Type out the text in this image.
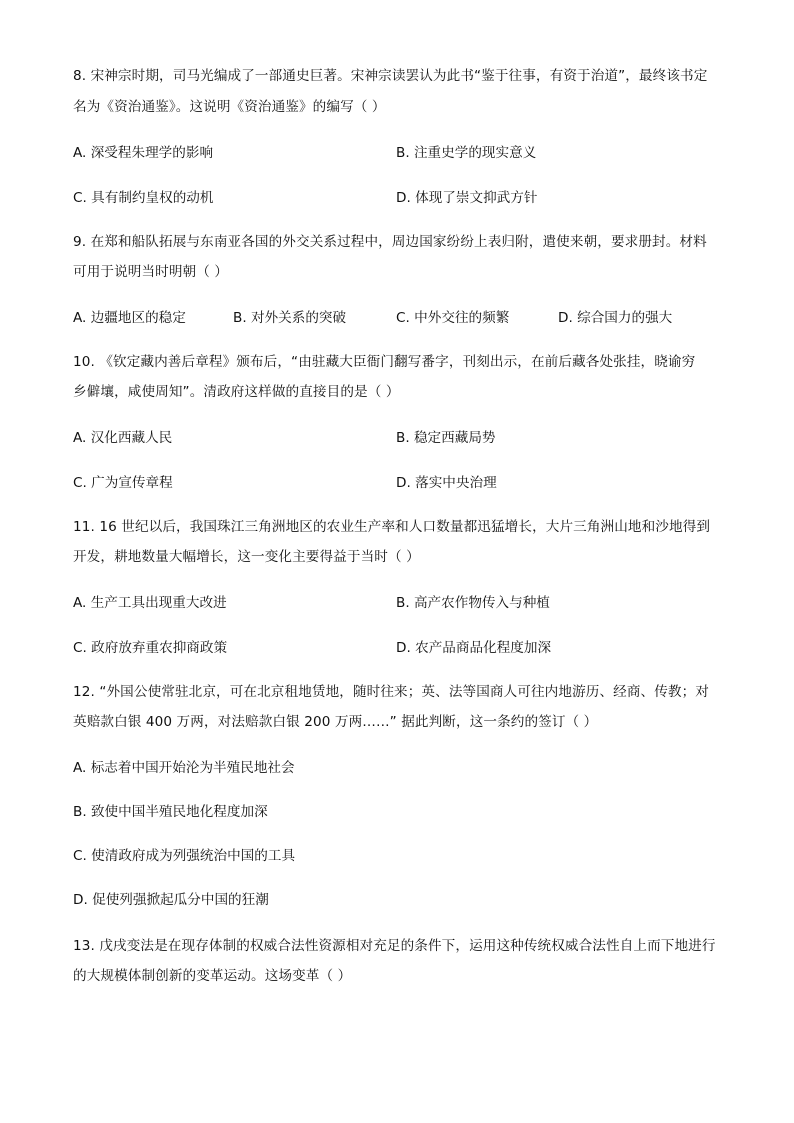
8. 宋神宗时期，司马光编成了一部通史巨著。宋神宗读罢认为此书“鉴于往事，有资于治道”，最终该书定
名为《资治通鉴》。这说明《资治通鉴》的编写（ ）
A. 深受程朱理学的影响	B. 注重史学的现实意义
C. 具有制约皇权的动机	D. 体现了崇文抑武方针
9. 在郑和船队拓展与东南亚各国的外交关系过程中，周边国家纷纷上表归附，遣使来朝，要求册封。材料
可用于说明当时明朝（ ）
A. 边疆地区的稳定	B. 对外关系的突破	C. 中外交往的频繁	D. 综合国力的强大
10. 《钦定藏内善后章程》颁布后，“由驻藏大臣衙门翻写番字，刊刻出示，在前后藏各处张挂，晓谕穷
乡僻壤，咸使周知”。清政府这样做的直接目的是（ ）
A. 汉化西藏人民	B. 稳定西藏局势
C. 广为宣传章程	D. 落实中央治理
11. 16 世纪以后，我国珠江三角洲地区的农业生产率和人口数量都迅猛增长，大片三角洲山地和沙地得到
开发，耕地数量大幅增长，这一变化主要得益于当时（ ）
A. 生产工具出现重大改进	B. 高产农作物传入与种植
C. 政府放弃重农抑商政策	D. 农产品商品化程度加深
12. “外国公使常驻北京，可在北京租地赁地，随时往来；英、法等国商人可往内地游历、经商、传教；对
英赔款白银 400 万两，对法赔款白银 200 万两……” 据此判断，这一条约的签订（ ）
A. 标志着中国开始沦为半殖民地社会
B. 致使中国半殖民地化程度加深
C. 使清政府成为列强统治中国的工具
D. 促使列强掀起瓜分中国的狂潮
13. 戊戌变法是在现存体制的权威合法性资源相对充足的条件下，运用这种传统权威合法性自上而下地进行
的大规模体制创新的变革运动。这场变革（ ）
